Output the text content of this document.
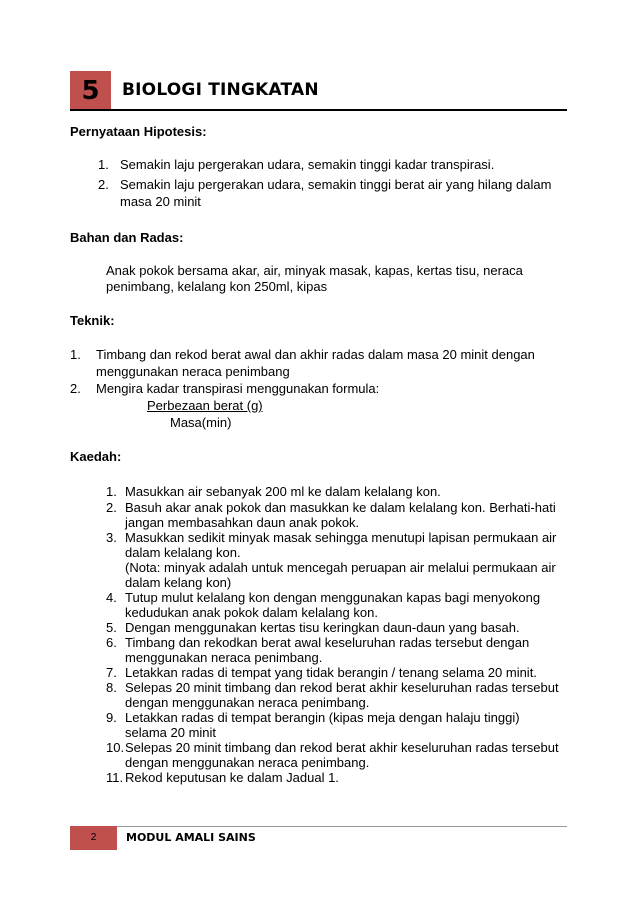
5	BIOLOGI TINGKATAN
Pernyataan Hipotesis:
1. Semakin laju pergerakan udara, semakin tinggi kadar transpirasi.
2. Semakin laju pergerakan udara, semakin tinggi berat air yang hilang dalam
masa 20 minit
Bahan dan Radas:
Anak pokok bersama akar, air, minyak masak, kapas, kertas tisu, neraca
penimbang, kelalang kon 250ml, kipas
Teknik:
1. Timbang dan rekod berat awal dan akhir radas dalam masa 20 minit dengan
menggunakan neraca penimbang
2. Mengira kadar transpirasi menggunakan formula:
Perbezaan berat (g)
Masa(min)
Kaedah:
1. Masukkan air sebanyak 200 ml ke dalam kelalang kon.
2. Basuh akar anak pokok dan masukkan ke dalam kelalang kon. Berhati-hati
jangan membasahkan daun anak pokok.
3. Masukkan sedikit minyak masak sehingga menutupi lapisan permukaan air
dalam kelalang kon.
(Nota: minyak adalah untuk mencegah peruapan air melalui permukaan air
dalam kelang kon)
4. Tutup mulut kelalang kon dengan menggunakan kapas bagi menyokong
kedudukan anak pokok dalam kelalang kon.
5. Dengan menggunakan kertas tisu keringkan daun-daun yang basah.
6. Timbang dan rekodkan berat awal keseluruhan radas tersebut dengan
menggunakan neraca penimbang.
7. Letakkan radas di tempat yang tidak berangin / tenang selama 20 minit.
8. Selepas 20 minit timbang dan rekod berat akhir keseluruhan radas tersebut
dengan menggunakan neraca penimbang.
9. Letakkan radas di tempat berangin (kipas meja dengan halaju tinggi)
selama 20 minit
10. Selepas 20 minit timbang dan rekod berat akhir keseluruhan radas tersebut
dengan menggunakan neraca penimbang.
11. Rekod keputusan ke dalam Jadual 1.
2	MODUL AMALI SAINS
